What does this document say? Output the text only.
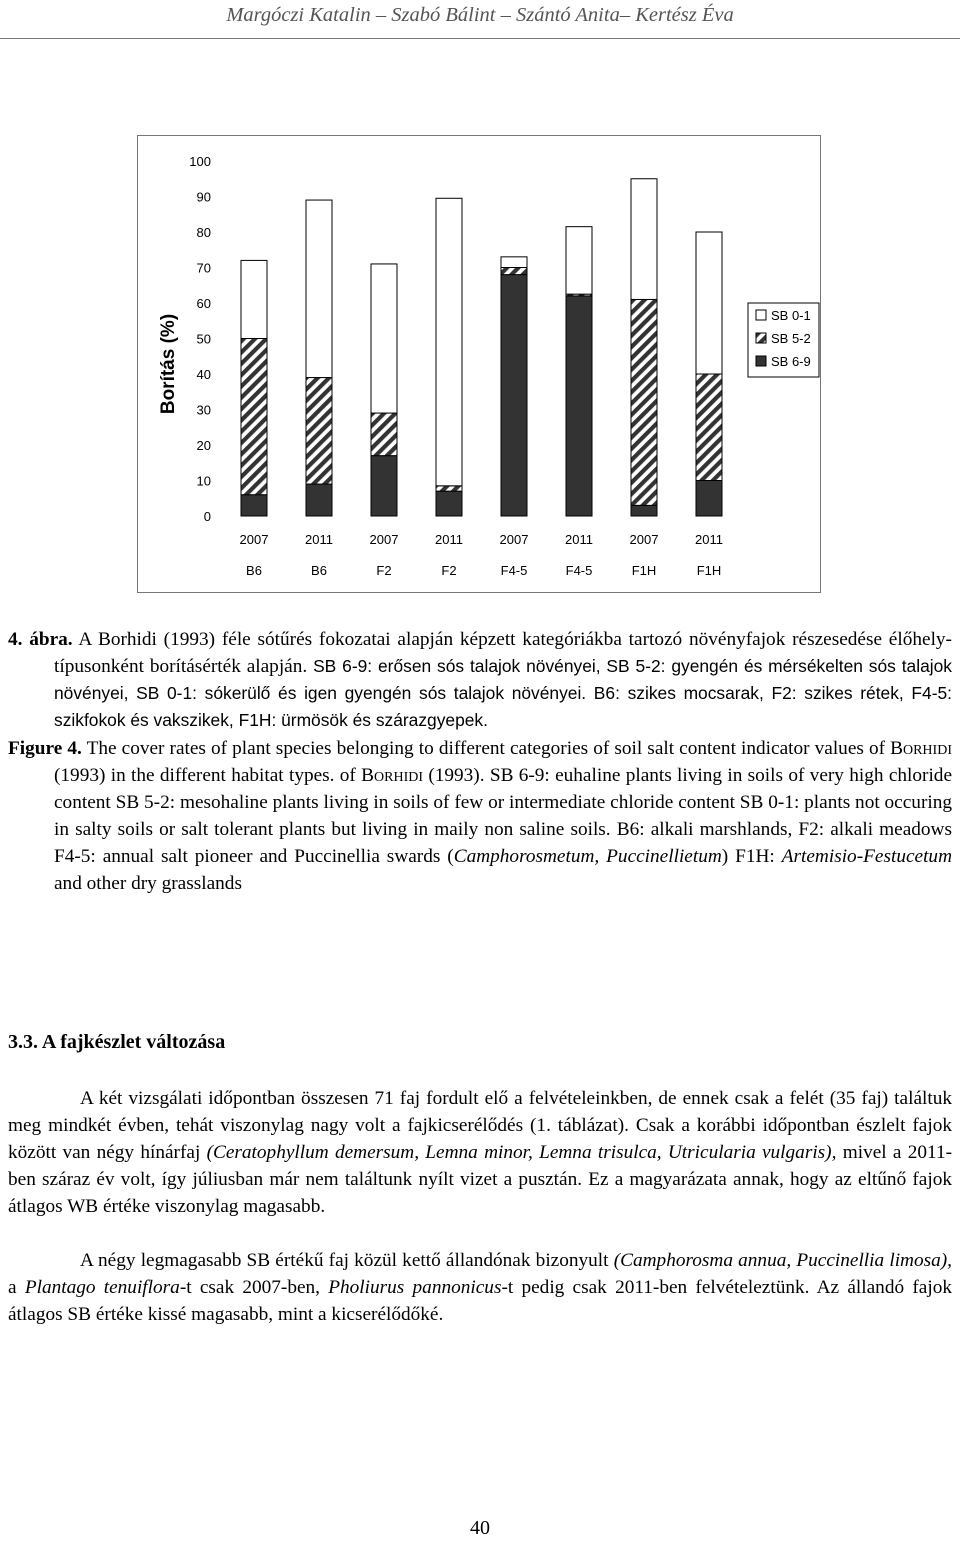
Margóczi Katalin – Szabó Bálint – Szántó Anita– Kertész Éva
Borítás (%)
100
90
80
70
60
50
40
30
20
10
0
2007
B6
2011
B6
2007
F2
2011
F2
2007
F4-5
2011
F4-5
2007
F1H
2011
F1H
SB 0-1
SB 5-2
SB 6-9
4. ábra. A Borhidi (1993) féle sótűrés fokozatai alapján képzett kategóriákba tartozó növényfajok részesedése élőhely-típusonként borításérték alapján. SB 6-9: erősen sós talajok növényei, SB 5-2: gyengén és mérsékelten sós talajok növényei, SB 0-1: sókerülő és igen gyengén sós talajok növényei. B6: szikes mocsarak, F2: szikes rétek, F4-5: szikfokok és vakszikek, F1H: ürmösök és szárazgyepek.
Figure 4. The cover rates of plant species belonging to different categories of soil salt content indicator values of Borhidi (1993) in the different habitat types. of Borhidi (1993). SB 6-9: euhaline plants living in soils of very high chloride content SB 5-2: mesohaline plants living in soils of few or intermediate chloride content SB 0-1: plants not occuring in salty soils or salt tolerant plants but living in maily non saline soils. B6: alkali marshlands, F2: alkali meadows F4-5: annual salt pioneer and Puccinellia swards (Camphorosmetum, Puccinellietum) F1H: Artemisio-Festucetum and other dry grasslands
3.3. A fajkészlet változása

A két vizsgálati időpontban összesen 71 faj fordult elő a felvételeinkben, de ennek csak a felét (35 faj) találtuk meg mindkét évben, tehát viszonylag nagy volt a fajkicserélődés (1. táblázat). Csak a korábbi időpontban észlelt fajok között van négy hínárfaj (Ceratophyllum demersum, Lemna minor, Lemna trisulca, Utricularia vulgaris), mivel a 2011-ben száraz év volt, így júliusban már nem találtunk nyílt vizet a pusztán. Ez a magyarázata annak, hogy az eltűnő fajok átlagos WB értéke viszonylag magasabb.

A négy legmagasabb SB értékű faj közül kettő állandónak bizonyult (Camphorosma annua, Puccinellia limosa), a Plantago tenuiflora-t csak 2007-ben, Pholiurus pannonicus-t pedig csak 2011-ben felvételeztünk. Az állandó fajok átlagos SB értéke kissé magasabb, mint a kicserélődőké.

40
